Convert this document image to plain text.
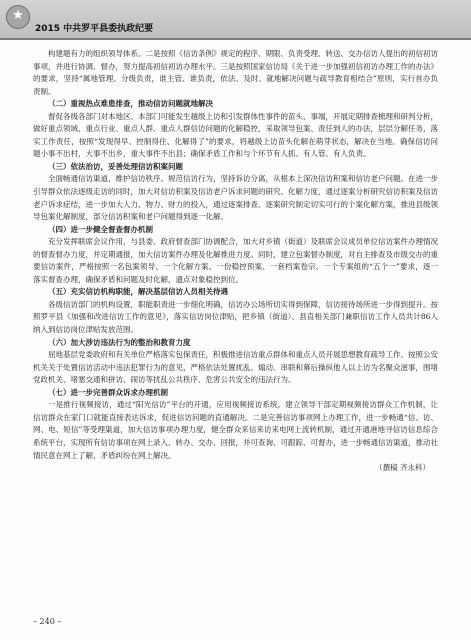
★
2015 中共罗平县委执政纪要

构建题有力的组织领导体系。二是按照《信访条例》规定的程序、期限、负责受理、转送、交办信访人提出的初信初访事项，并进行协调、督办，努力提高初信初访办理水平。三是按照国家信访局《关于进一步加强初信初访办理工作的办法》的要求，坚持“属地管理、分级负责，谁主管、谁负责，依法、及时、就地解决问题与疏导教育相结合”原则，实行首办负责制。

（二）重视热点难患排查，推动信访问题就地解决

督促各级各部门对本地区、本部门可能发生越级上访和引发群体性事件的苗头、事端，开展定期排查梳理和研判分析，做好重点领域、重点行业、重点人群、重点人群信访问题的化解稳控，采取领导包案、责任到人的办法，层层分解任务，落实工作责任，按照“发现得早、控制得住、化解得了”的要求，将越级上访苗头化解在萌芽状态，解决在当地。确保信访问题小事不出村，大事不出乡，重大事件不出县；确保矛盾工作和与个环节有人抓、有人管、有人负责。

（三）依法治访，妥善处理信访积案问题

全面畅通信访渠道，维护信访秩序。规范信访行为，坚持诉访分离，从根本上深决信访积案和信访老户问题。在进一步引导群众依法逐级走访的同时，加大对信访积案及信访老户诉求问题的研究、化解力度，通过逐案分析研究信访积案及信访老户诉求症结，进一步加大人力、物力、财力的投入，通过逐案排查、逐案研究制定切实可行的个案化解方案，推进县级领导包案化解制度，部分信访积案和老户问题得到逐一化解。

（四）进一步健全督查督办机制

充分发挥联席会议作用，与县委、政府督查部门协调配合，加大对乡镇（街道）及联席会议成员单位信访案件办理情况的督查督办力度，并定期通报，加大信访案件办理及化解推进力度。同时，建立包案督办制度，对自主排查及市级交办的重要信访案件，严格按照一名包案领导、一个化解方案、一份稳控预案、一套档案卷宗、一个专案组的“五个一”要求，逐一落实督查办理，确保矛盾和问题及时化解，遗点对象稳控到位。

（五）充实信访机构职能，解决基层信访人员相关待遇

各级信访部门的机构设置，职能职责进一步细化明确，信访办公场所切实得到保障，信访接待场所进一步得到提升。按照罗平县《加强和改进信访工作的意见》，落实信访岗位津贴，把乡镇（街道）、县直相关部门兼职信访工作人员共计86人纳入到信访岗位津贴发放范围。

（六）加大涉访违法行为的整治和教育力度

屈地基层党委政府和有关单位严格落实包保责任，积极推进信访重点群体和重点人员开展思想教育疏导工作。按照公安机关关于处置信访活动中违法犯罪行为的意见，严格依法处置扰乱、煽动、串联和幕后操纵他人以上访为名聚众滋事，围堵党政机关、堵塞交通和拼访、闹访等扰乱公共秩序、危害公共安全的违法行为。

（七）进一步完善群众诉求办理机制

一是推行视频接访，通过“阳光信访”平台的开通，应用视频接访系统，建立领导干部定期视频接访群众工作机制，让信访群众在家门口就能直接表达诉求，促进信访问题的直通解决。二是完善信访事项网上办理工作，进一步畅通“信、访、网、电、短信”等受理渠道，加大信访事项办理力度，健全群众来信来访来电网上流转机制，通过开通港地寻信访信息综合系统平台，实现所有信访事项在网上录入、转办、交办、回报，并可查询、可跟踪、可督办，进一步畅通信访渠道，推动社情民意在网上了解，矛盾纠纷在网上解决。

（撰稿 齐永科）

– 240 –
